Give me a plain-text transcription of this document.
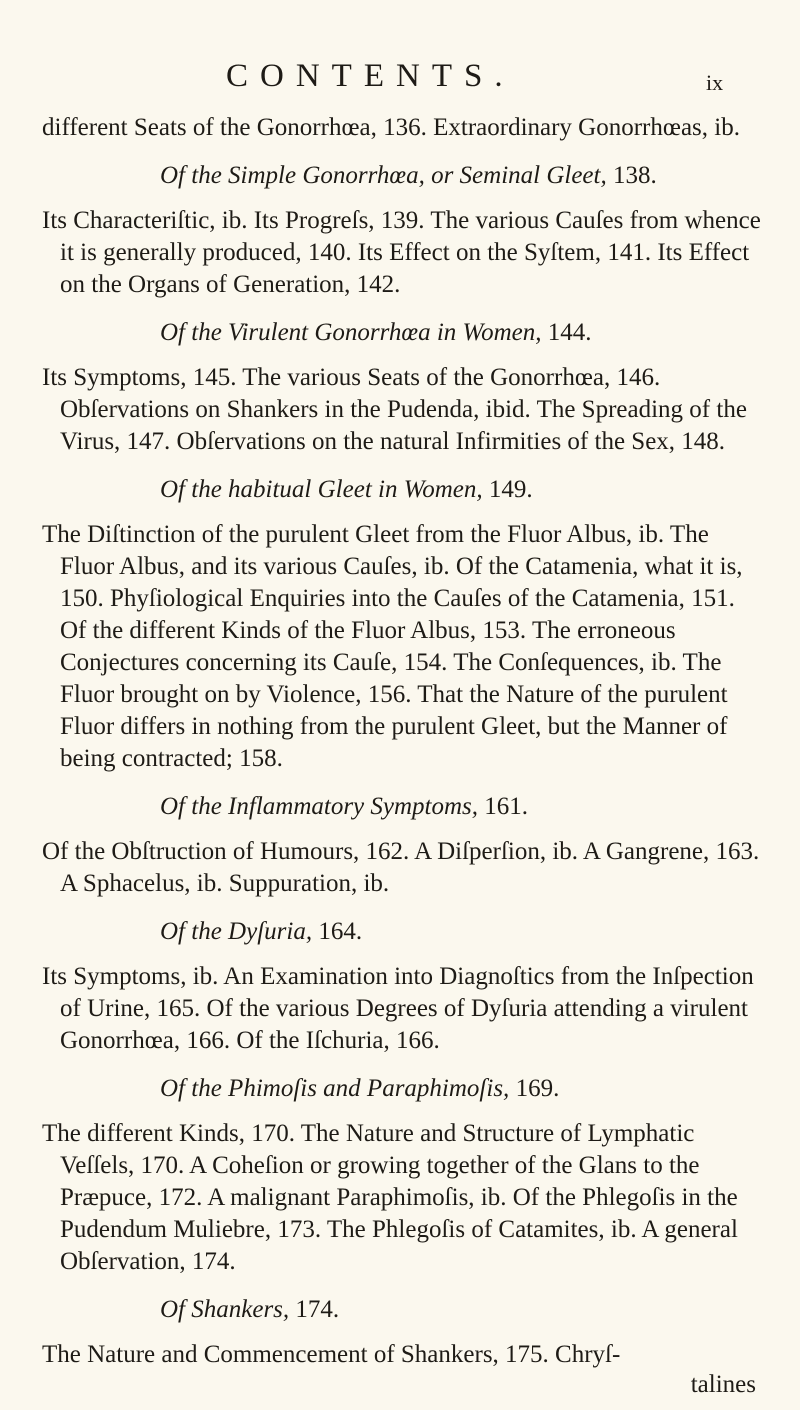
CONTENTS.	ix

different Seats of the Gonorrhœa, 136. Extraordinary Gonorrhœas, ib.

Of the Simple Gonorrhœa, or Seminal Gleet, 138.

Its Characteriſtic, ib. Its Progreſs, 139. The various Cauſes from whence it is generally produced, 140. Its Effect on the Syſtem, 141. Its Effect on the Organs of Generation, 142.

Of the Virulent Gonorrhœa in Women, 144.

Its Symptoms, 145. The various Seats of the Gonorrhœa, 146. Obſervations on Shankers in the Pudenda, ibid. The Spreading of the Virus, 147. Obſervations on the natural Infirmities of the Sex, 148.

Of the habitual Gleet in Women, 149.

The Diſtinction of the purulent Gleet from the Fluor Albus, ib. The Fluor Albus, and its various Cauſes, ib. Of the Catamenia, what it is, 150. Phyſiological Enquiries into the Cauſes of the Catamenia, 151. Of the different Kinds of the Fluor Albus, 153. The erroneous Conjectures concerning its Cauſe, 154. The Conſequences, ib. The Fluor brought on by Violence, 156. That the Nature of the purulent Fluor differs in nothing from the purulent Gleet, but the Manner of being contracted; 158.

Of the Inflammatory Symptoms, 161.

Of the Obſtruction of Humours, 162. A Diſperſion, ib. A Gangrene, 163. A Sphacelus, ib. Suppuration, ib.

Of the Dyſuria, 164.

Its Symptoms, ib. An Examination into Diagnoſtics from the Inſpection of Urine, 165. Of the various Degrees of Dyſuria attending a virulent Gonorrhœa, 166. Of the Iſchuria, 166.

Of the Phimoſis and Paraphimoſis, 169.

The different Kinds, 170. The Nature and Structure of Lymphatic Veſſels, 170. A Coheſion or growing together of the Glans to the Præpuce, 172. A malignant Paraphimoſis, ib. Of the Phlegoſis in the Pudendum Muliebre, 173. The Phlegoſis of Catamites, ib. A general Obſervation, 174.

Of Shankers, 174.

The Nature and Commencement of Shankers, 175. Chryſ-

talines
